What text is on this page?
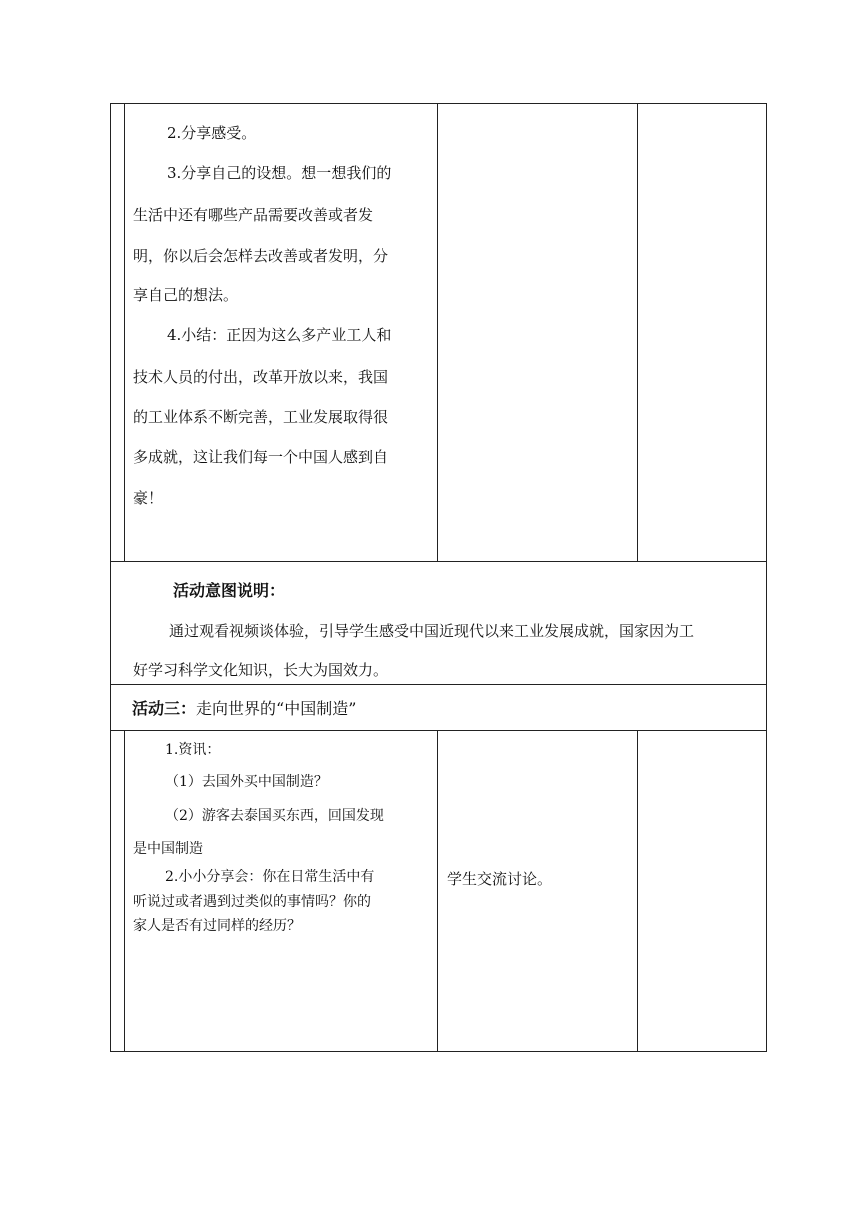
2.分享感受。

3.分享自己的设想。想一想我们的

生活中还有哪些产品需要改善或者发

明，你以后会怎样去改善或者发明，分

享自己的想法。

4.小结：正因为这么多产业工人和

技术人员的付出，改革开放以来，我国

的工业体系不断完善，工业发展取得很

多成就，这让我们每一个中国人感到自

豪！

活动意图说明：

通过观看视频谈体验，引导学生感受中国近现代以来工业发展成就，国家因为工

好学习科学文化知识，长大为国效力。

活动三：走向世界的“中国制造”

1.资讯：

（1）去国外买中国制造？

（2）游客去泰国买东西，回国发现

是中国制造

2.小小分享会：你在日常生活中有

听说过或者遇到过类似的事情吗？你的

家人是否有过同样的经历？

学生交流讨论。
